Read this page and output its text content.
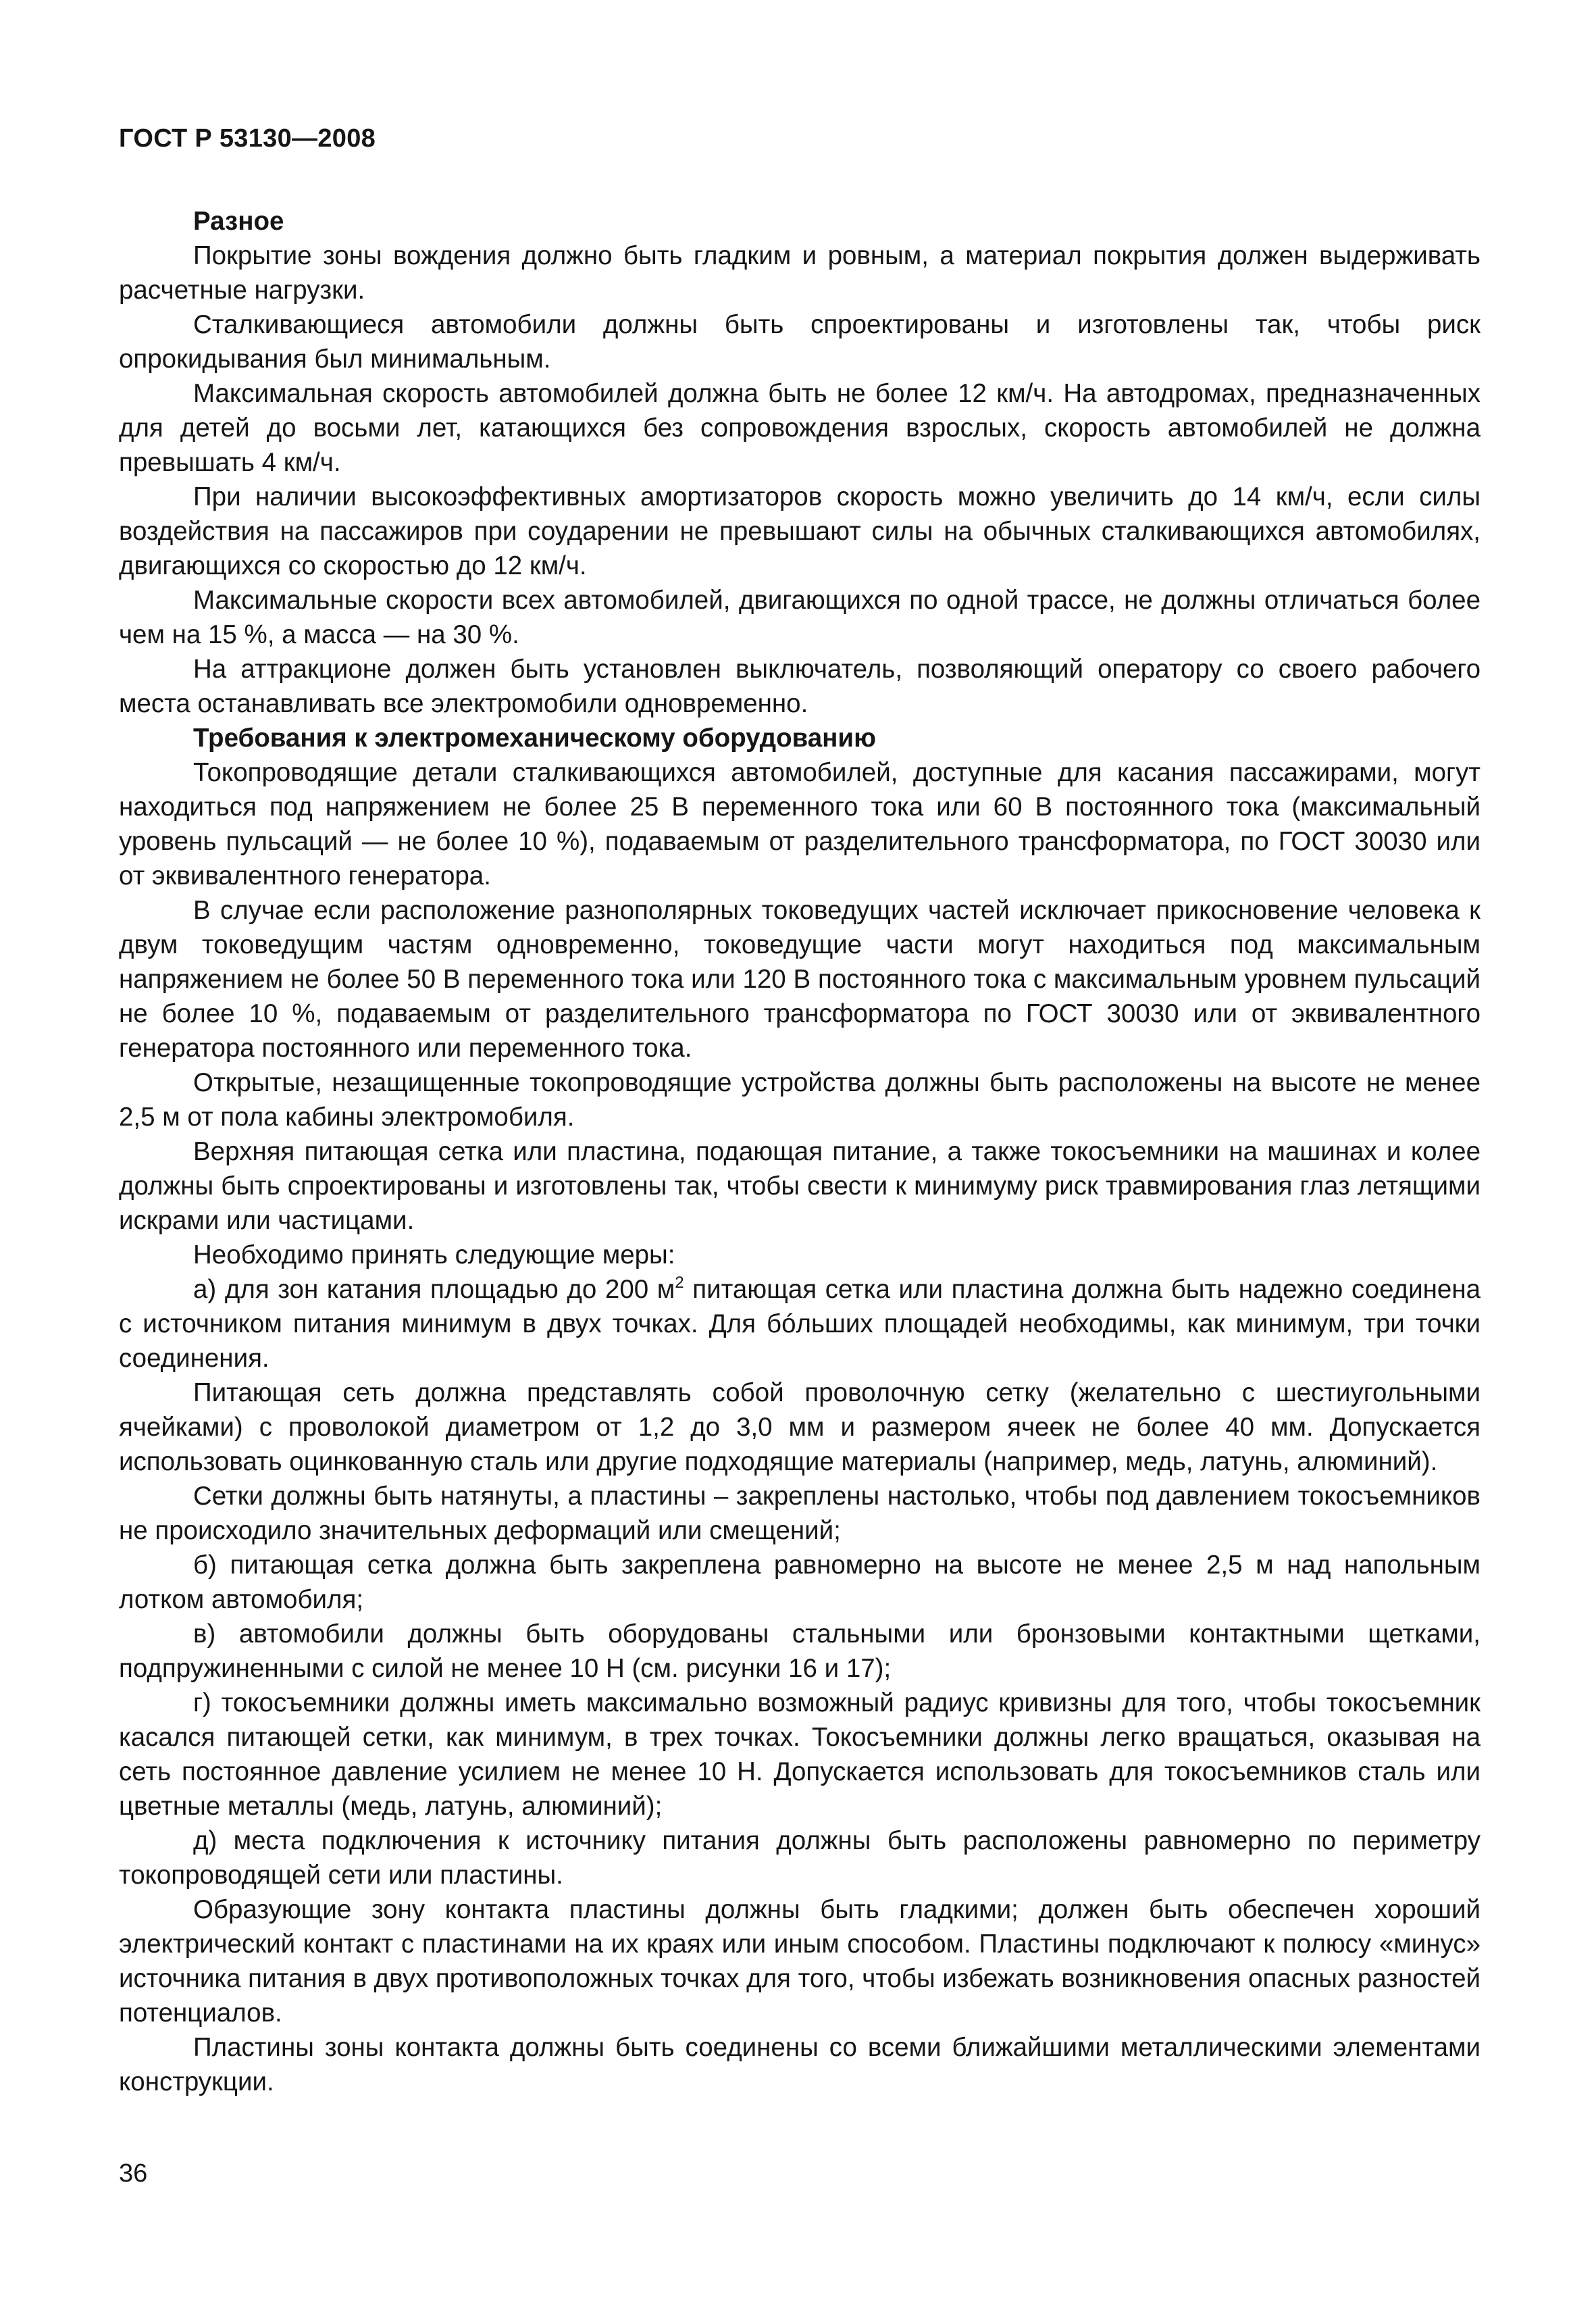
ГОСТ Р 53130—2008

Разное

Покрытие зоны вождения должно быть гладким и ровным, а материал покрытия должен выдерживать расчетные нагрузки.

Сталкивающиеся автомобили должны быть спроектированы и изготовлены так, чтобы риск опрокидывания был минимальным.

Максимальная скорость автомобилей должна быть не более 12 км/ч. На автодромах, предназначенных для детей до восьми лет, катающихся без сопровождения взрослых, скорость автомобилей не должна превышать 4 км/ч.

При наличии высокоэффективных амортизаторов скорость можно увеличить до 14 км/ч, если силы воздействия на пассажиров при соударении не превышают силы на обычных сталкивающихся автомобилях, двигающихся со скоростью до 12 км/ч.

Максимальные скорости всех автомобилей, двигающихся по одной трассе, не должны отличаться более чем на 15 %, а масса — на 30 %.

На аттракционе должен быть установлен выключатель, позволяющий оператору со своего рабочего места останавливать все электромобили одновременно.

Требования к электромеханическому оборудованию

Токопроводящие детали сталкивающихся автомобилей, доступные для касания пассажирами, могут находиться под напряжением не более 25 В переменного тока или 60 В постоянного тока (максимальный уровень пульсаций — не более 10 %), подаваемым от разделительного трансформатора, по ГОСТ 30030 или от эквивалентного генератора.

В случае если расположение разнополярных токоведущих частей исключает прикосновение человека к двум токоведущим частям одновременно, токоведущие части могут находиться под максимальным напряжением не более 50 В переменного тока или 120 В постоянного тока с максимальным уровнем пульсаций не более 10 %, подаваемым от разделительного трансформатора по ГОСТ 30030 или от эквивалентного генератора постоянного или переменного тока.

Открытые, незащищенные токопроводящие устройства должны быть расположены на высоте не менее 2,5 м от пола кабины электромобиля.

Верхняя питающая сетка или пластина, подающая питание, а также токосъемники на машинах и колее должны быть спроектированы и изготовлены так, чтобы свести к минимуму риск травмирования глаз летящими искрами или частицами.

Необходимо принять следующие меры:

а) для зон катания площадью до 200 $м^2$ питающая сетка или пластина должна быть надежно соединена с источником питания минимум в двух точках. Для бóльших площадей необходимы, как минимум, три точки соединения.

Питающая сеть должна представлять собой проволочную сетку (желательно с шестиугольными ячейками) с проволокой диаметром от 1,2 до 3,0 мм и размером ячеек не более 40 мм. Допускается использовать оцинкованную сталь или другие подходящие материалы (например, медь, латунь, алюминий).

Сетки должны быть натянуты, а пластины – закреплены настолько, чтобы под давлением токосъемников не происходило значительных деформаций или смещений;

б) питающая сетка должна быть закреплена равномерно на высоте не менее 2,5 м над напольным лотком автомобиля;

в) автомобили должны быть оборудованы стальными или бронзовыми контактными щетками, подпружиненными с силой не менее 10 Н (см. рисунки 16 и 17);

г) токосъемники должны иметь максимально возможный радиус кривизны для того, чтобы токосъемник касался питающей сетки, как минимум, в трех точках. Токосъемники должны легко вращаться, оказывая на сеть постоянное давление усилием не менее 10 Н. Допускается использовать для токосъемников сталь или цветные металлы (медь, латунь, алюминий);

д) места подключения к источнику питания должны быть расположены равномерно по периметру токопроводящей сети или пластины.

Образующие зону контакта пластины должны быть гладкими; должен быть обеспечен хороший электрический контакт с пластинами на их краях или иным способом. Пластины подключают к полюсу «минус» источника питания в двух противоположных точках для того, чтобы избежать возникновения опасных разностей потенциалов.

Пластины зоны контакта должны быть соединены со всеми ближайшими металлическими элементами конструкции.

36
